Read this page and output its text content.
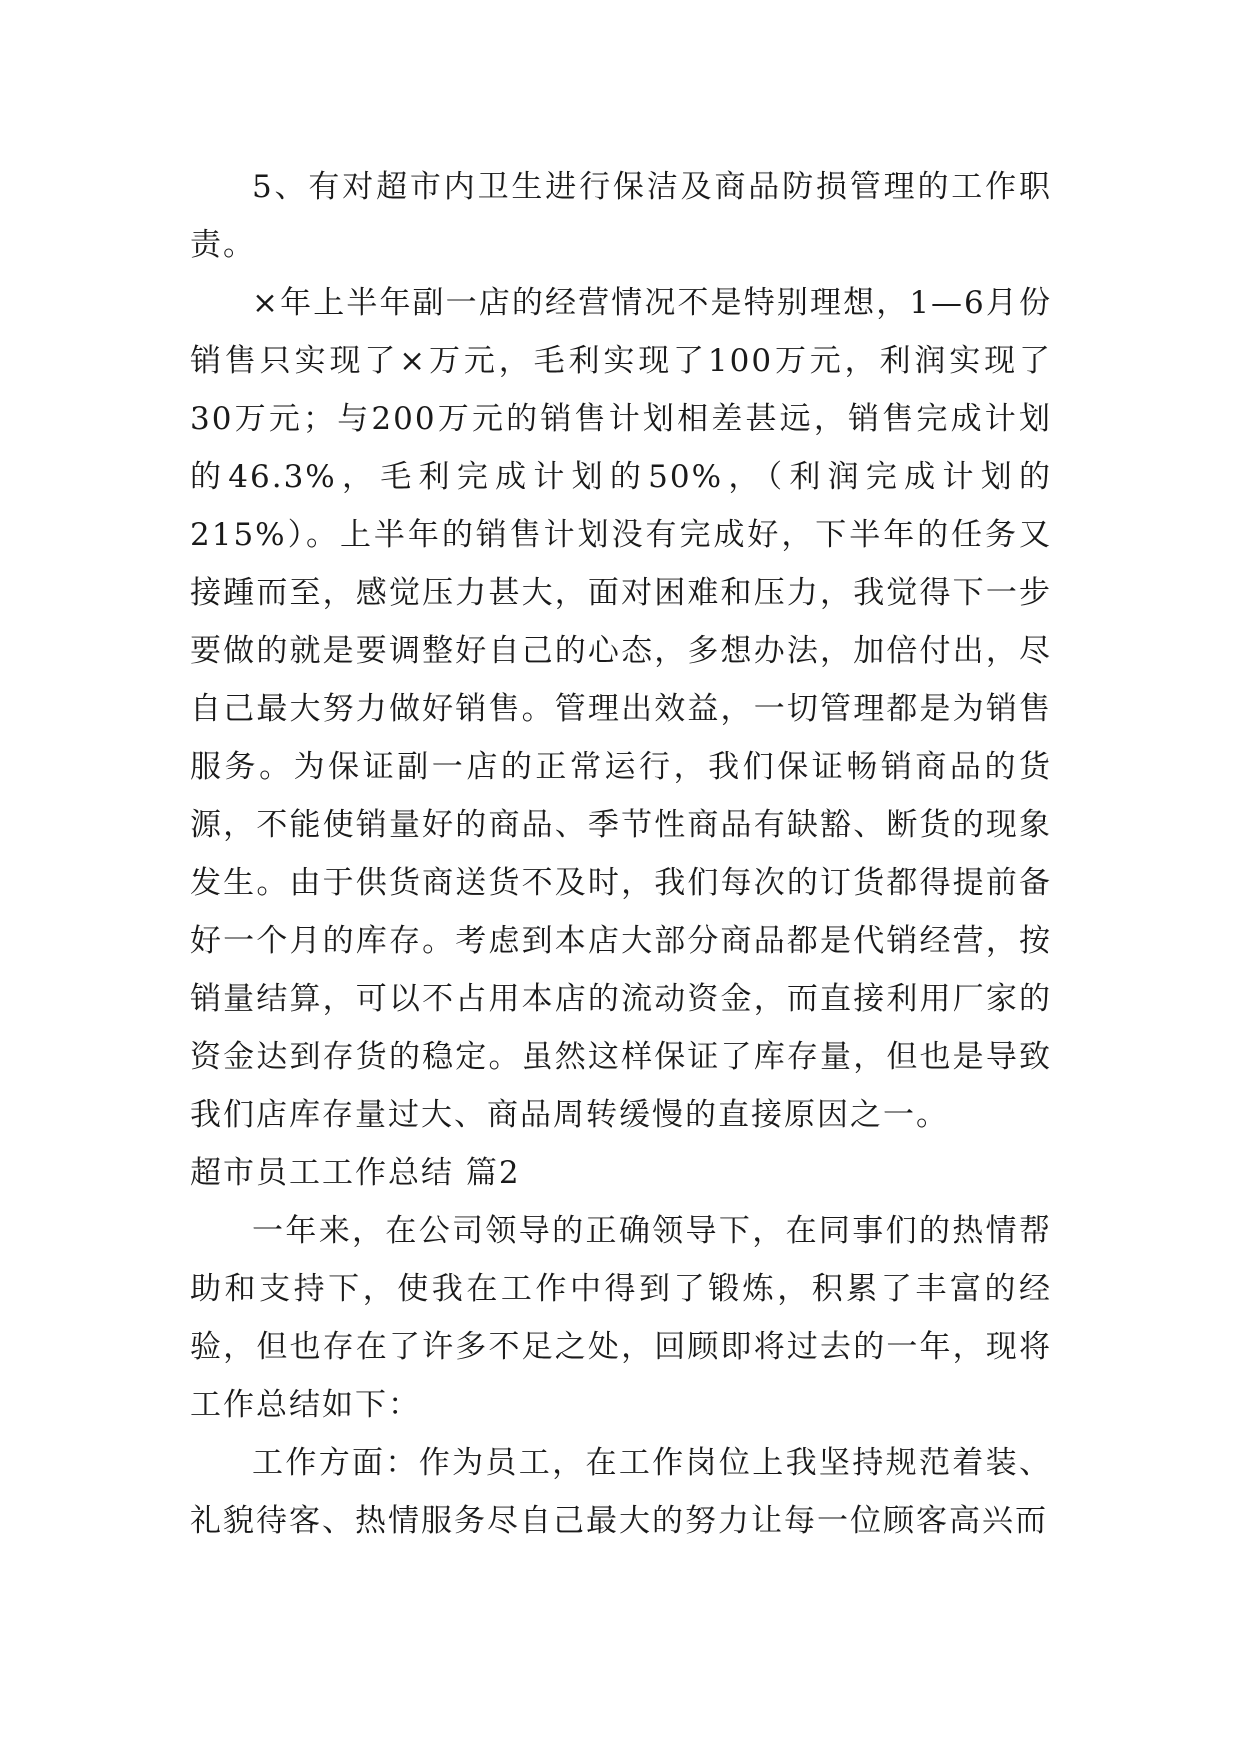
5、有对超市内卫生进行保洁及商品防损管理的工作职责。

×年上半年副一店的经营情况不是特别理想，1—6月份销售只实现了×万元，毛利实现了100万元，利润实现了30万元；与200万元的销售计划相差甚远，销售完成计划的46.3%，毛利完成计划的50%，（利润完成计划的215%）。上半年的销售计划没有完成好，下半年的任务又接踵而至，感觉压力甚大，面对困难和压力，我觉得下一步要做的就是要调整好自己的心态，多想办法，加倍付出，尽自己最大努力做好销售。管理出效益，一切管理都是为销售服务。为保证副一店的正常运行，我们保证畅销商品的货源，不能使销量好的商品、季节性商品有缺豁、断货的现象发生。由于供货商送货不及时，我们每次的订货都得提前备好一个月的库存。考虑到本店大部分商品都是代销经营，按销量结算，可以不占用本店的流动资金，而直接利用厂家的资金达到存货的稳定。虽然这样保证了库存量，但也是导致我们店库存量过大、商品周转缓慢的直接原因之一。

超市员工工作总结 篇2

一年来，在公司领导的正确领导下，在同事们的热情帮助和支持下，使我在工作中得到了锻炼，积累了丰富的经验，但也存在了许多不足之处，回顾即将过去的一年，现将工作总结如下：

工作方面：作为员工，在工作岗位上我坚持规范着装、礼貌待客、热情服务尽自己最大的努力让每一位顾客高兴而
